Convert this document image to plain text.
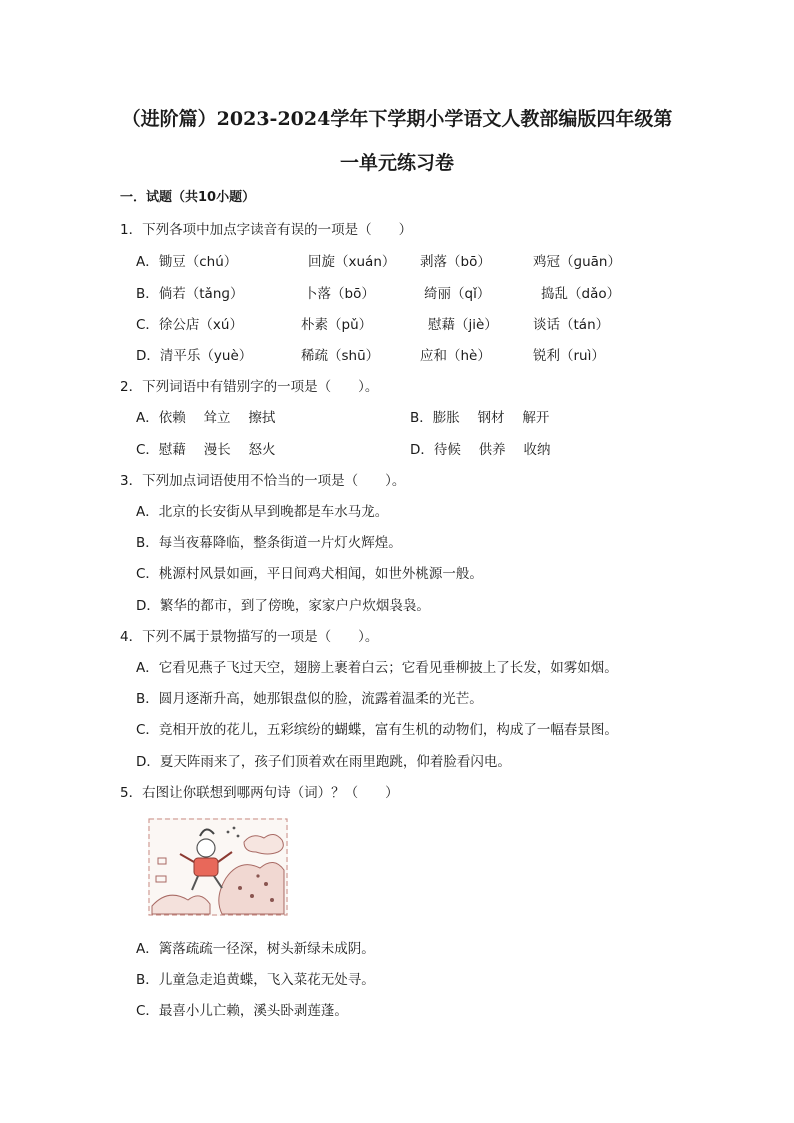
（进阶篇）2023-2024学年下学期小学语文人教部编版四年级第
一单元练习卷
一．试题（共10小题）
1．下列各项中加点字读音有误的一项是（　　）
A．锄豆（chú）	回旋（xuán） 剥落（bō）	鸡冠（ɡuān）
B．倘若（tǎnɡ）	卜落（bō）	绮丽（qǐ）	捣乱（dǎo）
C．徐公店（xú）	朴素（pǔ）	慰藉（jiè）	谈话（tán）
D．清平乐（yuè）	稀疏（shū）	应和（hè）	锐利（ruì）
2．下列词语中有错别字的一项是（　　）。
A．依赖　 耸立　 擦拭	B．膨胀　 钢材　 解开
C．慰藉　 漫长　 怒火	D．待候　 供养　 收纳
3．下列加点词语使用不恰当的一项是（　　）。
A．北京的长安街从早到晚都是车水马龙。
B．每当夜幕降临，整条街道一片灯火辉煌。
C．桃源村风景如画，平日间鸡犬相闻，如世外桃源一般。
D．繁华的都市，到了傍晚，家家户户炊烟袅袅。
4．下列不属于景物描写的一项是（　　）。
A．它看见燕子飞过天空，翅膀上裹着白云；它看见垂柳披上了长发，如雾如烟。
B．圆月逐渐升高，她那银盘似的脸，流露着温柔的光芒。
C．竞相开放的花儿，五彩缤纷的蝴蝶，富有生机的动物们，构成了一幅春景图。
D．夏天阵雨来了，孩子们顶着欢在雨里跑跳，仰着脸看闪电。
5．右图让你联想到哪两句诗（词）？（　　）
A．篱落疏疏一径深，树头新绿未成阴。
B．儿童急走追黄蝶，飞入菜花无处寻。
C．最喜小儿亡赖，溪头卧剥莲蓬。
